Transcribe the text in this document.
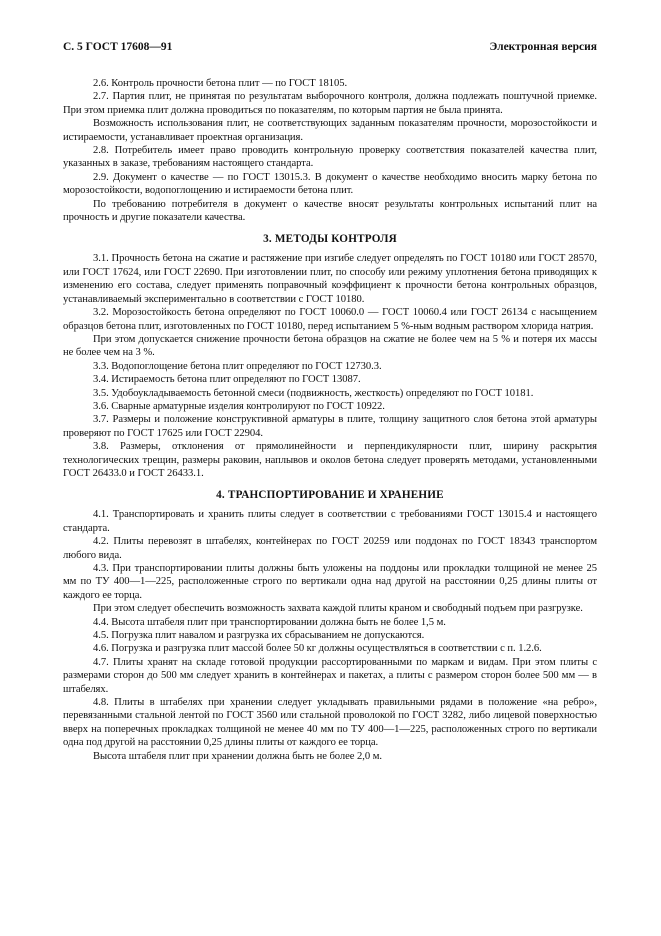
С. 5 ГОСТ 17608—91	Электронная версия

2.6. Контроль прочности бетона плит — по ГОСТ 18105.

2.7. Партия плит, не принятая по результатам выборочного контроля, должна подлежать поштучной приемке. При этом приемка плит должна проводиться по показателям, по которым партия не была принята.

Возможность использования плит, не соответствующих заданным показателям прочности, морозостойкости и истираемости, устанавливает проектная организация.

2.8. Потребитель имеет право проводить контрольную проверку соответствия показателей качества плит, указанных в заказе, требованиям настоящего стандарта.

2.9. Документ о качестве — по ГОСТ 13015.3. В документ о качестве необходимо вносить марку бетона по морозостойкости, водопоглощению и истираемости бетона плит.

По требованию потребителя в документ о качестве вносят результаты контрольных испытаний плит на прочность и другие показатели качества.

3. МЕТОДЫ КОНТРОЛЯ

3.1. Прочность бетона на сжатие и растяжение при изгибе следует определять по ГОСТ 10180 или ГОСТ 28570, или ГОСТ 17624, или ГОСТ 22690. При изготовлении плит, по способу или режиму уплотнения бетона приводящих к изменению его состава, следует применять поправочный коэффициент к прочности бетона контрольных образцов, устанавливаемый экспериментально в соответствии с ГОСТ 10180.

3.2. Морозостойкость бетона определяют по ГОСТ 10060.0 — ГОСТ 10060.4 или ГОСТ 26134 с насыщением образцов бетона плит, изготовленных по ГОСТ 10180, перед испытанием 5 %-ным водным раствором хлорида натрия.

При этом допускается снижение прочности бетона образцов на сжатие не более чем на 5 % и потеря их массы не более чем на 3 %.

3.3. Водопоглощение бетона плит определяют по ГОСТ 12730.3.

3.4. Истираемость бетона плит определяют по ГОСТ 13087.

3.5. Удобоукладываемость бетонной смеси (подвижность, жесткость) определяют по ГОСТ 10181.

3.6. Сварные арматурные изделия контролируют по ГОСТ 10922.

3.7. Размеры и положение конструктивной арматуры в плите, толщину защитного слоя бетона этой арматуры проверяют по ГОСТ 17625 или ГОСТ 22904.

3.8. Размеры, отклонения от прямолинейности и перпендикулярности плит, ширину раскрытия технологических трещин, размеры раковин, наплывов и околов бетона следует проверять методами, установленными ГОСТ 26433.0 и ГОСТ 26433.1.

4. ТРАНСПОРТИРОВАНИЕ И ХРАНЕНИЕ

4.1. Транспортировать и хранить плиты следует в соответствии с требованиями ГОСТ 13015.4 и настоящего стандарта.

4.2. Плиты перевозят в штабелях, контейнерах по ГОСТ 20259 или поддонах по ГОСТ 18343 транспортом любого вида.

4.3. При транспортировании плиты должны быть уложены на поддоны или прокладки толщиной не менее 25 мм по ТУ 400—1—225, расположенные строго по вертикали одна над другой на расстоянии 0,25 длины плиты от каждого ее торца.

При этом следует обеспечить возможность захвата каждой плиты краном и свободный подъем при разгрузке.

4.4. Высота штабеля плит при транспортировании должна быть не более 1,5 м.

4.5. Погрузка плит навалом и разгрузка их сбрасыванием не допускаются.

4.6. Погрузка и разгрузка плит массой более 50 кг должны осуществляться в соответствии с п. 1.2.6.

4.7. Плиты хранят на складе готовой продукции рассортированными по маркам и видам. При этом плиты с размерами сторон до 500 мм следует хранить в контейнерах и пакетах, а плиты с размером сторон более 500 мм — в штабелях.

4.8. Плиты в штабелях при хранении следует укладывать правильными рядами в положение «на ребро», перевязанными стальной лентой по ГОСТ 3560 или стальной проволокой по ГОСТ 3282, либо лицевой поверхностью вверх на поперечных прокладках толщиной не менее 40 мм по ТУ 400—1—225, расположенных строго по вертикали одна под другой на расстоянии 0,25 длины плиты от каждого ее торца.

Высота штабеля плит при хранении должна быть не более 2,0 м.
